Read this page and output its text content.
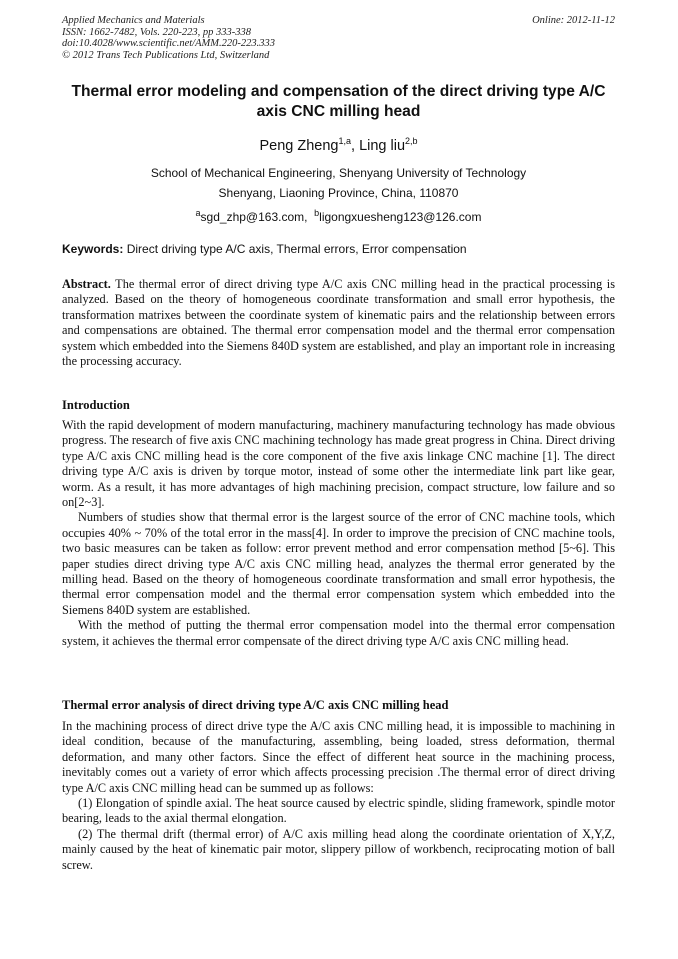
Applied Mechanics and Materials
ISSN: 1662-7482, Vols. 220-223, pp 333-338
doi:10.4028/www.scientific.net/AMM.220-223.333
© 2012 Trans Tech Publications Ltd, Switzerland
Online: 2012-11-12
Thermal error modeling and compensation of the direct driving type A/C axis CNC milling head
Peng Zheng$^{1,a}$, Ling liu$^{2,b}$
School of Mechanical Engineering, Shenyang University of Technology
Shenyang, Liaoning Province, China, 110870
$^a$sgd_zhp@163.com, $^b$ligongxuesheng123@126.com
Keywords: Direct driving type A/C axis, Thermal errors, Error compensation

Abstract. The thermal error of direct driving type A/C axis CNC milling head in the practical processing is analyzed. Based on the theory of homogeneous coordinate transformation and small error hypothesis, the transformation matrixes between the coordinate system of kinematic pairs and the relationship between errors and compensations are obtained. The thermal error compensation model and the thermal error compensation system which embedded into the Siemens 840D system are established, and play an important role in increasing the processing accuracy.

Introduction

With the rapid development of modern manufacturing, machinery manufacturing technology has made obvious progress. The research of five axis CNC machining technology has made great progress in China. Direct driving type A/C axis CNC milling head is the core component of the five axis linkage CNC machine [1]. The direct driving type A/C axis is driven by torque motor, instead of some other the intermediate link part like gear, worm. As a result, it has more advantages of high machining precision, compact structure, low failure and so on[2~3].

Numbers of studies show that thermal error is the largest source of the error of CNC machine tools, which occupies 40% ~ 70% of the total error in the mass[4]. In order to improve the precision of CNC machine tools, two basic measures can be taken as follow: error prevent method and error compensation method [5~6]. This paper studies direct driving type A/C axis CNC milling head, analyzes the thermal error generated by the milling head. Based on the theory of homogeneous coordinate transformation and small error hypothesis, the thermal error compensation model and the thermal error compensation system which embedded into the Siemens 840D system are established.

With the method of putting the thermal error compensation model into the thermal error compensation system, it achieves the thermal error compensate of the direct driving type A/C axis CNC milling head.

Thermal error analysis of direct driving type A/C axis CNC milling head

In the machining process of direct drive type the A/C axis CNC milling head, it is impossible to machining in ideal condition, because of the manufacturing, assembling, being loaded, stress deformation, thermal deformation, and many other factors. Since the effect of different heat source in the machining process, inevitably comes out a variety of error which affects processing precision .The thermal error of direct driving type A/C axis CNC milling head can be summed up as follows:

(1) Elongation of spindle axial. The heat source caused by electric spindle, sliding framework, spindle motor bearing, leads to the axial thermal elongation.

(2) The thermal drift (thermal error) of A/C axis milling head along the coordinate orientation of X,Y,Z, mainly caused by the heat of kinematic pair motor, slippery pillow of workbench, reciprocating motion of ball screw.
